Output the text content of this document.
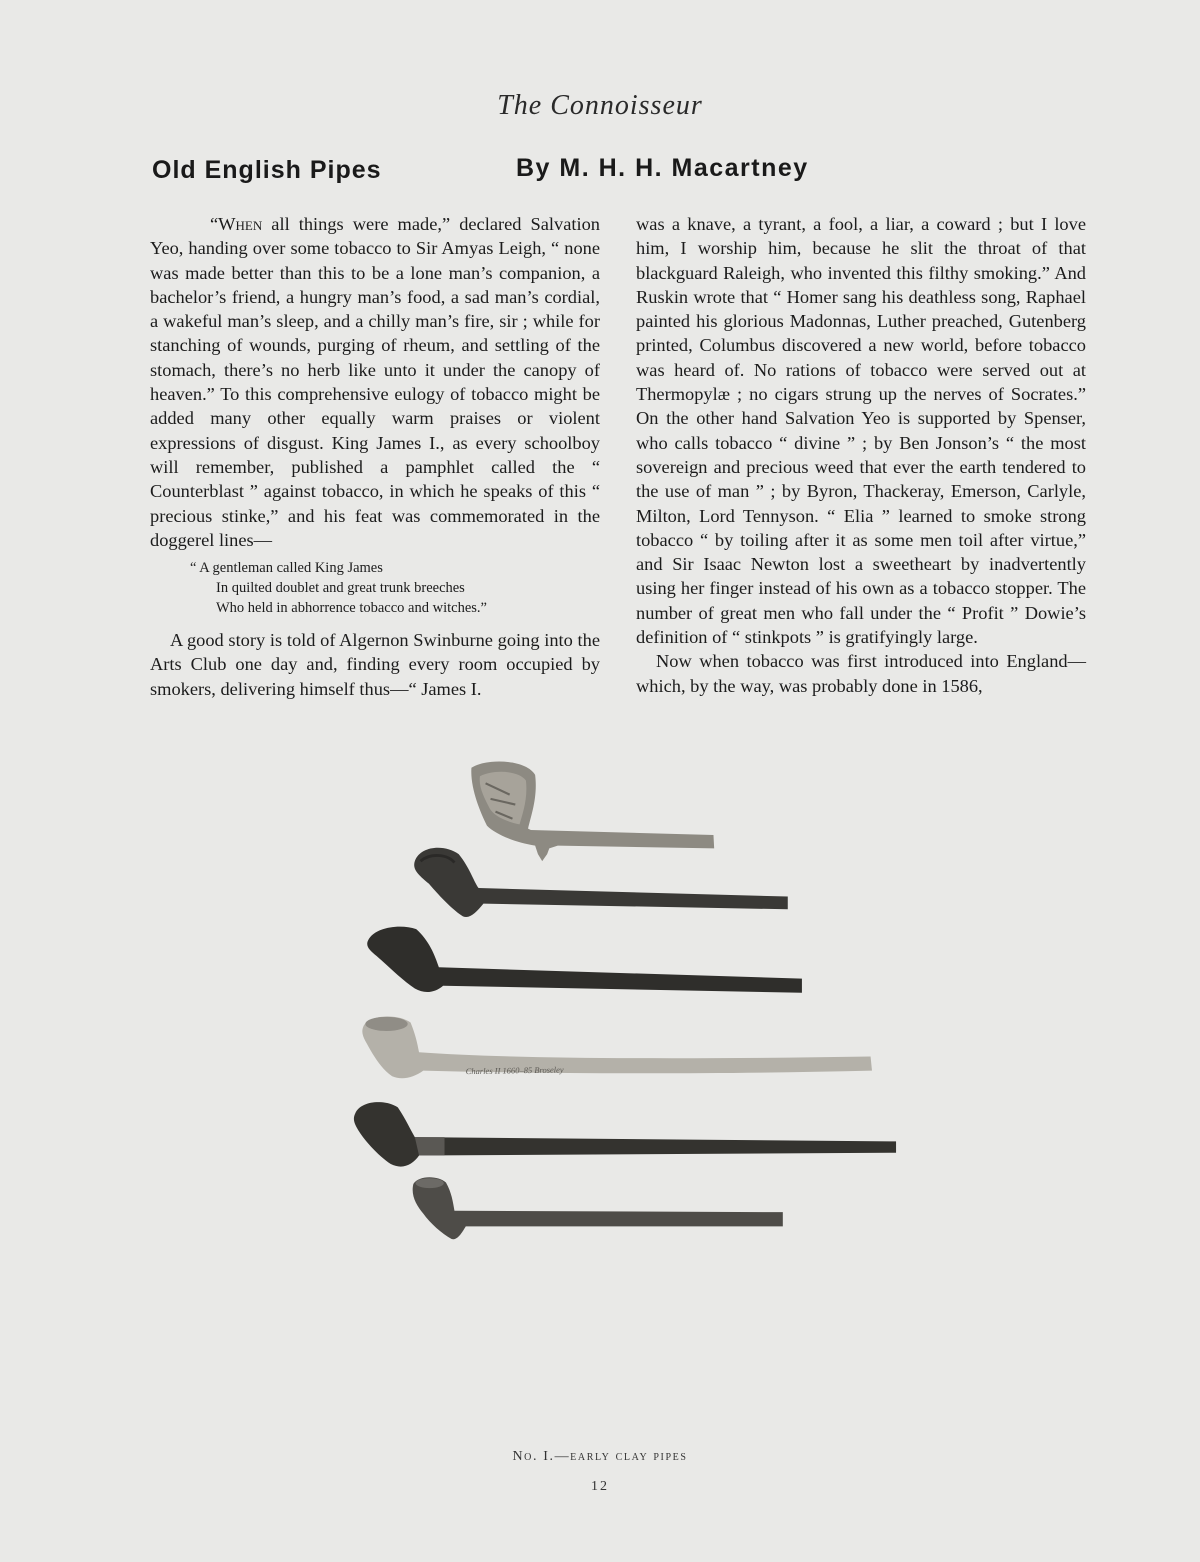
The Connoisseur
Old English Pipes	By M. H. H. Macartney

“When all things were made,” declared Salvation Yeo, handing over some tobacco to Sir Amyas Leigh, “ none was made better than this to be a lone man’s companion, a bachelor’s friend, a hungry man’s food, a sad man’s cordial, a wakeful man’s sleep, and a chilly man’s fire, sir ; while for stanching of wounds, purging of rheum, and settling of the stomach, there’s no herb like unto it under the canopy of heaven.” To this comprehensive eulogy of tobacco might be added many other equally warm praises or violent expressions of disgust. King James I., as every schoolboy will remember, published a pamphlet called the “ Counterblast ” against tobacco, in which he speaks of this “ precious stinke,” and his feat was commemorated in the doggerel lines—

“ A gentleman called King James
In quilted doublet and great trunk breeches
Who held in abhorrence tobacco and witches.”

A good story is told of Algernon Swinburne going into the Arts Club one day and, finding every room occupied by smokers, delivering himself thus—“ James I.

was a knave, a tyrant, a fool, a liar, a coward ; but I love him, I worship him, because he slit the throat of that blackguard Raleigh, who invented this filthy smoking.” And Ruskin wrote that “ Homer sang his deathless song, Raphael painted his glorious Madonnas, Luther preached, Gutenberg printed, Columbus discovered a new world, before tobacco was heard of. No rations of tobacco were served out at Thermopylæ ; no cigars strung up the nerves of Socrates.” On the other hand Salvation Yeo is supported by Spenser, who calls tobacco “ divine ” ; by Ben Jonson’s “ the most sovereign and precious weed that ever the earth tendered to the use of man ” ; by Byron, Thackeray, Emerson, Carlyle, Milton, Lord Tennyson. “ Elia ” learned to smoke strong tobacco “ by toiling after it as some men toil after virtue,” and Sir Isaac Newton lost a sweetheart by inadvertently using her finger instead of his own as a tobacco stopper. The number of great men who fall under the “ Profit ” Dowie’s definition of “ stinkpots ” is gratifyingly large.

Now when tobacco was first introduced into England—which, by the way, was probably done in 1586,

Charles II 1660–85 Broseley
No. I.—early clay pipes
12
